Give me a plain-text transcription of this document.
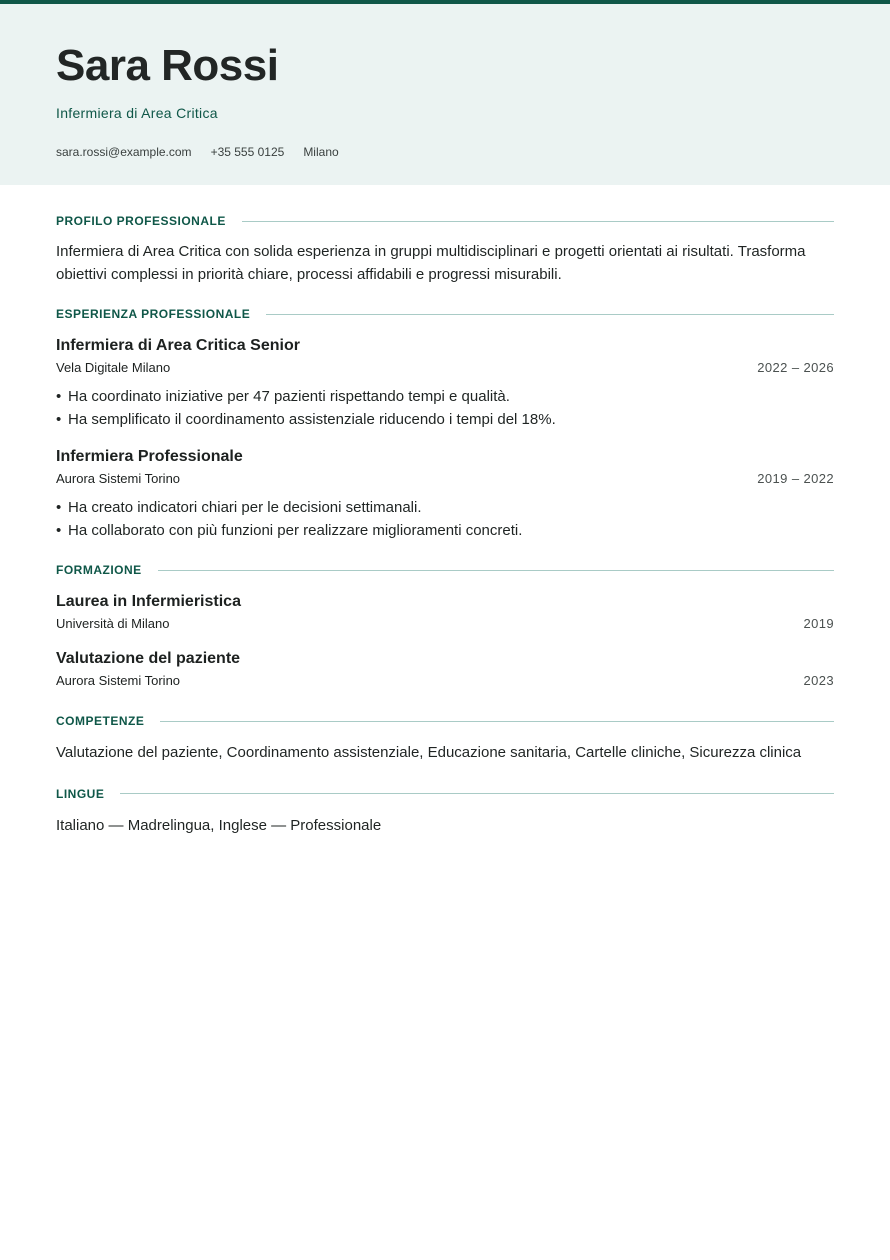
Sara Rossi
Infermiera di Area Critica
sara.rossi@example.com +35 555 0125 Milano
PROFILO PROFESSIONALE

Infermiera di Area Critica con solida esperienza in gruppi multidisciplinari e progetti orientati ai risultati. Trasforma obiettivi complessi in priorità chiare, processi affidabili e progressi misurabili.

ESPERIENZA PROFESSIONALE
Infermiera di Area Critica Senior
Vela Digitale Milano	2022 – 2026
• Ha coordinato iniziative per 47 pazienti rispettando tempi e qualità.
• Ha semplificato il coordinamento assistenziale riducendo i tempi del 18%.
Infermiera Professionale
Aurora Sistemi Torino	2019 – 2022
• Ha creato indicatori chiari per le decisioni settimanali.
• Ha collaborato con più funzioni per realizzare miglioramenti concreti.
FORMAZIONE
Laurea in Infermieristica
Università di Milano	2019
Valutazione del paziente
Aurora Sistemi Torino	2023
COMPETENZE

Valutazione del paziente, Coordinamento assistenziale, Educazione sanitaria, Cartelle cliniche, Sicurezza clinica

LINGUE

Italiano — Madrelingua, Inglese — Professionale
